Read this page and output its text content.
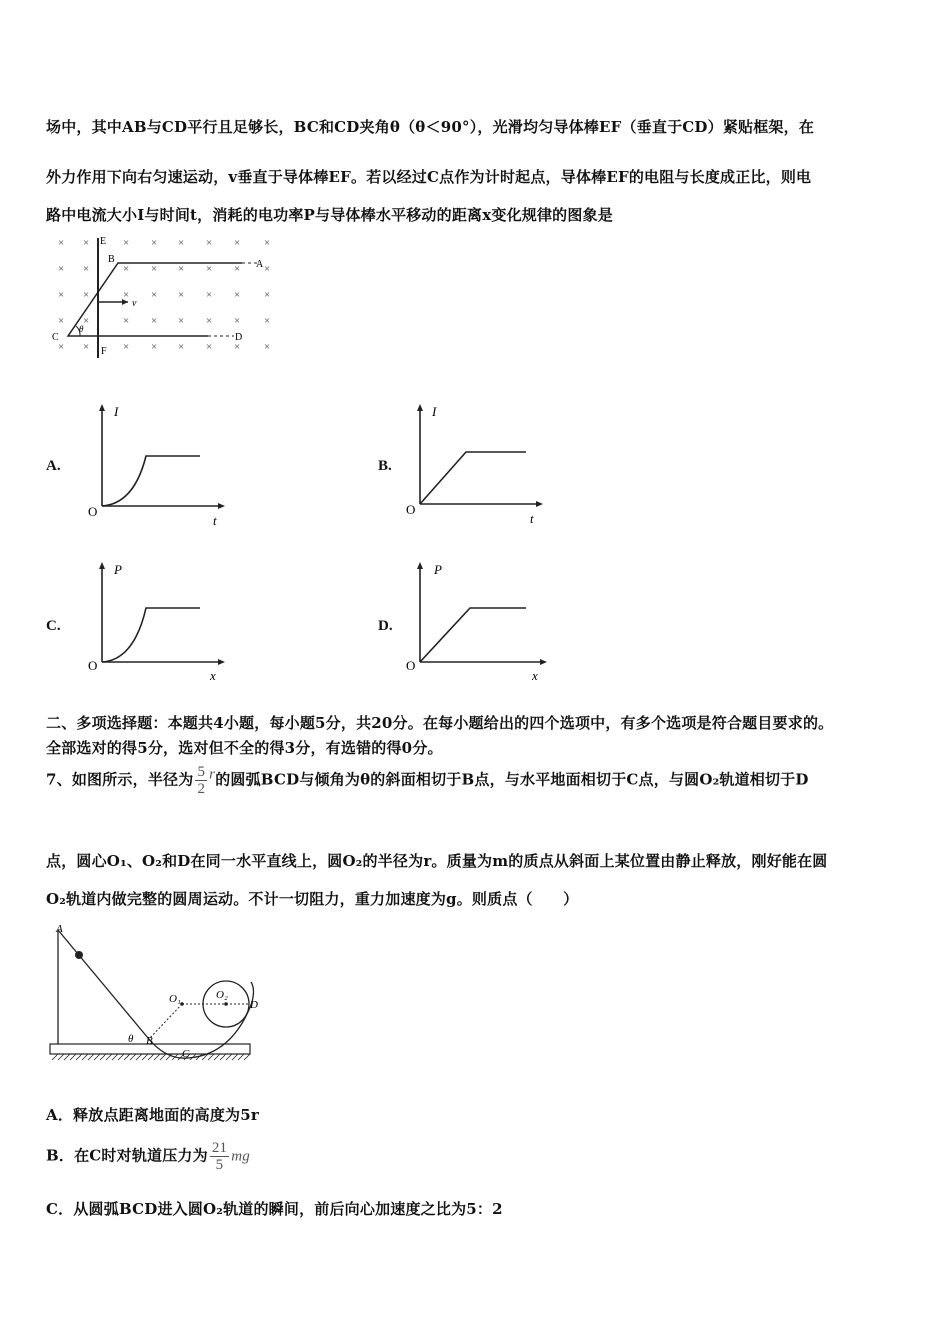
场中，其中AB与CD平行且足够长，BC和CD夹角θ（θ＜90°），光滑均匀导体棒EF（垂直于CD）紧贴框架，在
外力作用下向右匀速运动，v垂直于导体棒EF。若以经过C点作为计时起点，导体棒EF的电阻与长度成正比，则电
路中电流大小I与时间t，消耗的电功率P与导体棒水平移动的距离x变化规律的图象是
× ×	× × × × × ×
× ×	× × × × × ×
× ×	× × × × × ×
× ×	× × × × × ×
× ×	× × × × × ×
E
B	A
C	D
F
v
θ
A.	B.
C.	D.
I
t
O
I
t
O
P
x
O
P
x
O
二、多项选择题：本题共4小题，每小题5分，共20分。在每小题给出的四个选项中，有多个选项是符合题目要求的。
全部选对的得5分，选对但不全的得3分，有选错的得0分。
7、如图所示，半径为 $\frac{5}{2}$ r的圆弧BCD与倾角为θ的斜面相切于B点，与水平地面相切于C点，与圆O₂轨道相切于D
点，圆心O₁、O₂和D在同一水平直线上，圆O₂的半径为r。质量为m的质点从斜面上某位置由静止释放，刚好能在圆
O₂轨道内做完整的圆周运动。不计一切阻力，重力加速度为g。则质点（　　）
A
B
C
D
O₁	O₂
θ
A．释放点距离地面的高度为5r
B．在C时对轨道压力为 $\frac{21}{5}$ mg
C．从圆弧BCD进入圆O₂轨道的瞬间，前后向心加速度之比为5：2
